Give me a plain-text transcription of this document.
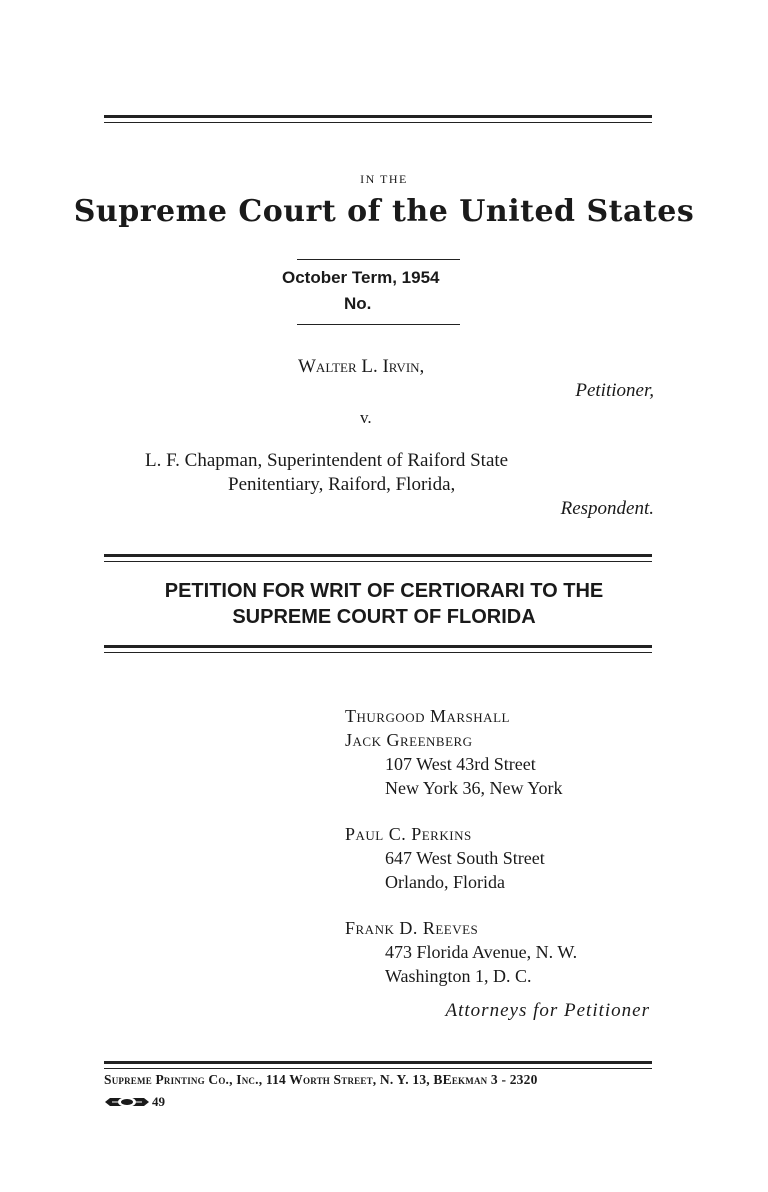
IN THE
Supreme Court of the United States
October Term, 1954
No.
Walter L. Irvin,
Petitioner,
v.
L. F. Chapman, Superintendent of Raiford State
Penitentiary, Raiford, Florida,
Respondent.
PETITION FOR WRIT OF CERTIORARI TO THE
SUPREME COURT OF FLORIDA
Thurgood Marshall
Jack Greenberg
107 West 43rd Street
New York 36, New York
Paul C. Perkins
647 West South Street
Orlando, Florida
Frank D. Reeves
473 Florida Avenue, N. W.
Washington 1, D. C.
Attorneys for Petitioner
Supreme Printing Co., Inc., 114 Worth Street, N. Y. 13, BEekman 3 - 2320
49
